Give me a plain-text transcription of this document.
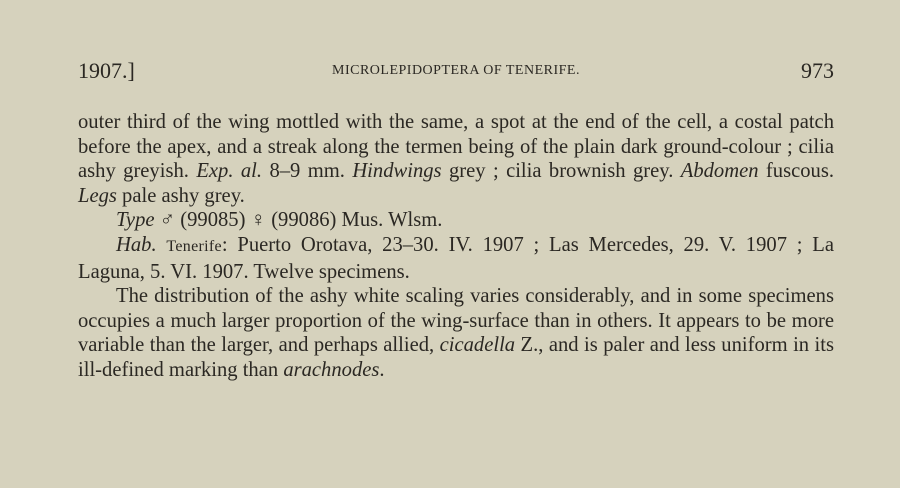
1907.]	MICROLEPIDOPTERA OF TENERIFE.	973

outer third of the wing mottled with the same, a spot at the end of the cell, a costal patch before the apex, and a streak along the termen being of the plain dark ground-colour ; cilia ashy greyish. Exp. al. 8–9 mm. Hindwings grey ; cilia brownish grey. Abdomen fuscous. Legs pale ashy grey.

Type ♂ (99085) ♀ (99086) Mus. Wlsm.

Hab. Tenerife: Puerto Orotava, 23–30. IV. 1907 ; Las Mercedes, 29. V. 1907 ; La Laguna, 5. VI. 1907. Twelve specimens.

The distribution of the ashy white scaling varies considerably, and in some specimens occupies a much larger proportion of the wing-surface than in others. It appears to be more variable than the larger, and perhaps allied, cicadella Z., and is paler and less uniform in its ill-defined marking than arachnodes.
